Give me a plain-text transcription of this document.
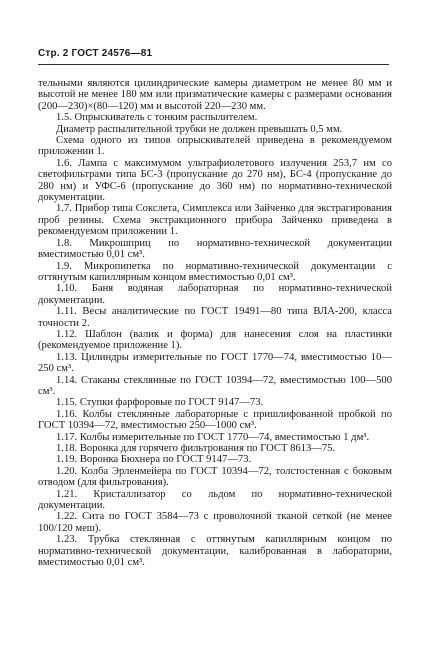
Стр. 2 ГОСТ 24576—81

тельными являются цилиндрические камеры диаметром не менее 80 мм и высотой не менее 180 мм или призматические камеры с размерами основания (200—230)×(80—120) мм и высотой 220—230 мм.

1.5. Опрыскиватель с тонким распылителем.

Диаметр распылительной трубки не должен превышать 0,5 мм.

Схема одного из типов опрыскивателей приведена в рекомендуемом приложении 1.

1.6. Лампа с максимумом ультрафиолетового излучения 253,7 нм со светофильтрами типа БС-3 (пропускание до 270 нм), БС-4 (пропускание до 280 нм) и УФС-6 (пропускание до 360 нм) по нормативно-технической документации.

1.7. Прибор типа Сокслета, Симплекса или Зайченко для экстрагирования проб резины. Схема экстракционного прибора Зайченко приведена в рекомендуемом приложении 1.

1.8. Микрошприц по нормативно-технической документации вместимостью 0,01 см³.

1.9. Микропипетка по нормативно-технической документации с оттянутым капиллярным концом вместимостью 0,01 см³.

1.10. Баня водяная лабораторная по нормативно-технической документации.

1.11. Весы аналитические по ГОСТ 19491—80 типа ВЛА-200, класса точности 2.

1.12. Шаблон (валик и форма) для нанесения слоя на пластинки (рекомендуемое приложение 1).

1.13. Цилиндры измерительные по ГОСТ 1770—74, вместимостью 10—250 см³.

1.14. Стаканы стеклянные по ГОСТ 10394—72, вместимостью 100—500 см³.

1.15. Ступки фарфоровые по ГОСТ 9147—73.

1.16. Колбы стеклянные лабораторные с пришлифованной пробкой по ГОСТ 10394—72, вместимостью 250—1000 см³.

1.17. Колбы измерительные по ГОСТ 1770—74, вместимостью 1 дм³.

1.18. Воронка для горячего фильтрования по ГОСТ 8613—75.

1.19. Воронка Бюхнера по ГОСТ 9147—73.

1.20. Колба Эрленмейера по ГОСТ 10394—72, толстостенная с боковым отводом (для фильтрования).

1.21. Кристаллизатор со льдом по нормативно-технической документации.

1.22. Сита по ГОСТ 3584—73 с проволочной тканой сеткой (не менее 100/120 меш).

1.23. Трубка стеклянная с оттянутым капиллярным концом по нормативно-технической документации, калиброванная в лаборатории, вместимостью 0,01 см³.
